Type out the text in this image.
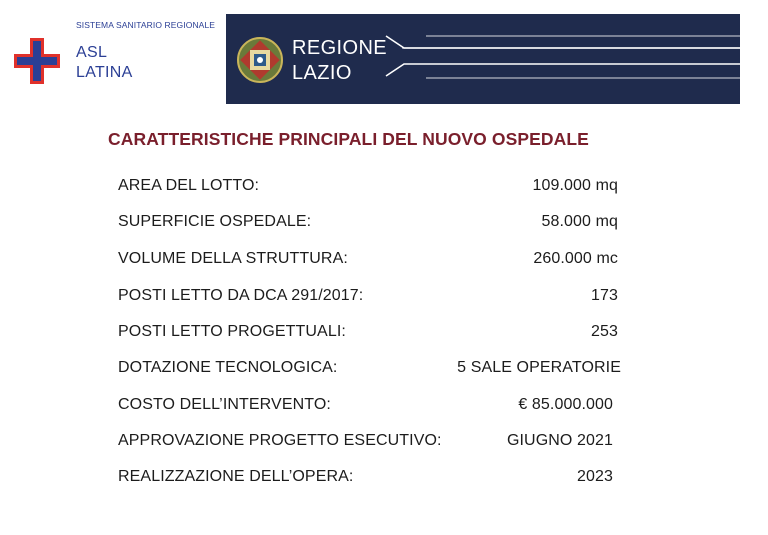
SISTEMA SANITARIO REGIONALE
ASL
LATINA
REGIONE
LAZIO
CARATTERISTICHE PRINCIPALI DEL NUOVO OSPEDALE
AREA DEL LOTTO:	109.000 mq
SUPERFICIE OSPEDALE:	58.000 mq
VOLUME DELLA STRUTTURA:	260.000 mc
POSTI LETTO DA DCA 291/2017:	173
POSTI LETTO PROGETTUALI:	253
DOTAZIONE TECNOLOGICA:	5 SALE OPERATORIE
COSTO DELL’INTERVENTO:	€ 85.000.000
APPROVAZIONE PROGETTO ESECUTIVO:	GIUGNO 2021
REALIZZAZIONE DELL’OPERA:	2023
